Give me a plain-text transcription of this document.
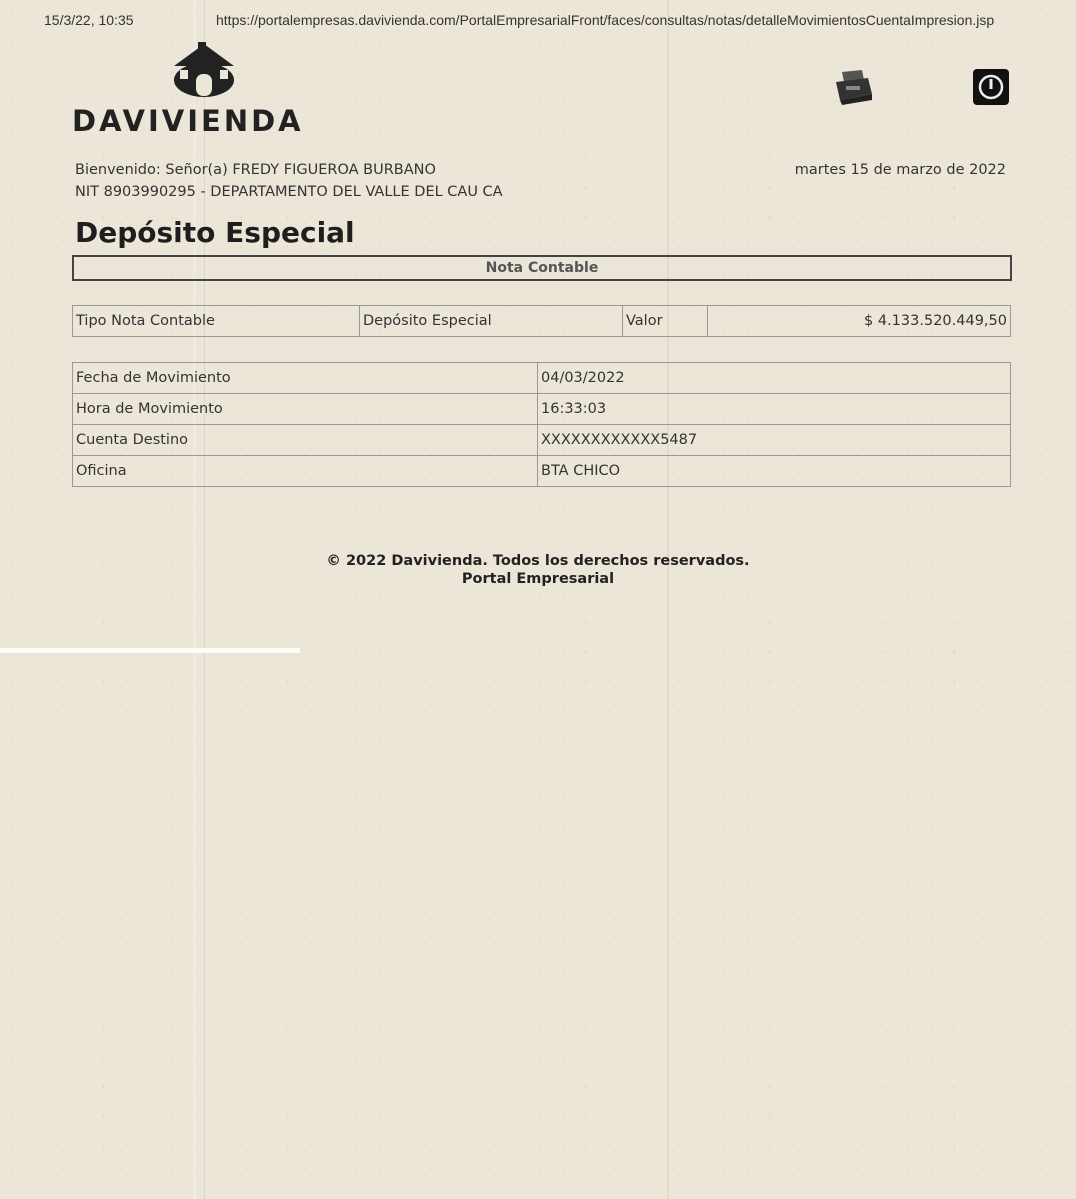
15/3/22, 10:35	https://portalempresas.davivienda.com/PortalEmpresarialFront/faces/consultas/notas/detalleMovimientosCuentaImpresion.jsp
DAVIVIENDA
Bienvenido: Señor(a) FREDY FIGUEROA BURBANO
NIT 8903990295 - DEPARTAMENTO DEL VALLE DEL CAU CA
martes 15 de marzo de 2022
Depósito Especial
Nota Contable
Tipo Nota Contable	Depósito Especial	Valor	$ 4.133.520.449,50
Fecha de Movimiento	04/03/2022
Hora de Movimiento	16:33:03
Cuenta Destino	XXXXXXXXXXXX5487
Oficina	BTA CHICO
© 2022 Davivienda. Todos los derechos reservados.
Portal Empresarial
